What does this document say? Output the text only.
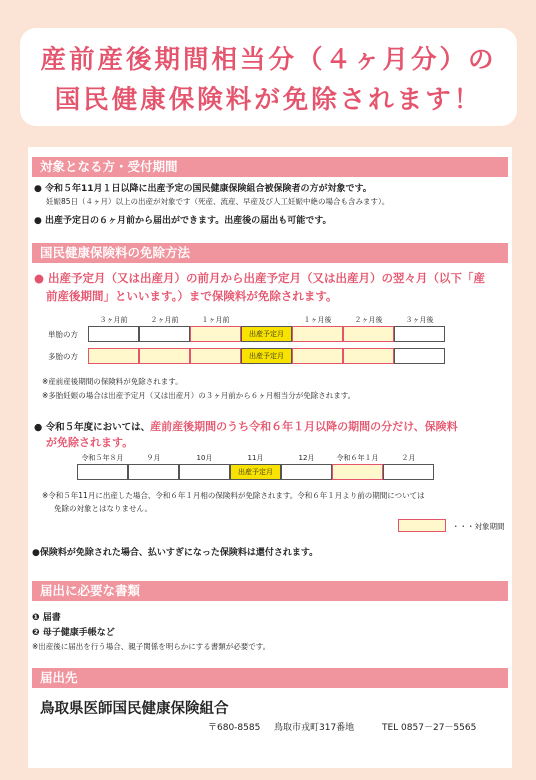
産前産後期間相当分（４ヶ月分）の
国民健康保険料が免除されます！
対象となる方・受付期間
● 令和５年11月１日以降に出産予定の国民健康保険組合被保険者の方が対象です。
妊娠85日（４ヶ月）以上の出産が対象です（死産、流産、早産及び人工妊娠中絶の場合も含みます）。
● 出産予定日の６ヶ月前から届出ができます。出産後の届出も可能です。
国民健康保険料の免除方法
● 出産予定月（又は出産月）の前月から出産予定月（又は出産月）の翌々月（以下「産
前産後期間」といいます。）まで保険料が免除されます。
３ヶ月前	２ヶ月前	１ヶ月前	１ヶ月後	２ヶ月後	３ヶ月後
単胎の方	出産予定月
多胎の方	出産予定月
※産前産後期間の保険料が免除されます。
※多胎妊娠の場合は出産予定月（又は出産月）の３ヶ月前から６ヶ月相当分が免除されます。
● 令和５年度においては、産前産後期間のうち令和６年１月以降の期間の分だけ、保険料
が免除されます。
令和５年８月	９月	10月	11月	12月	令和６年１月	２月
出産予定月
※令和５年11月に出産した場合、令和６年１月相の保険料が免除されます。令和６年１月より前の期間については
免除の対象とはなりません。
・・・対象期間
●保険料が免除された場合、払いすぎになった保険料は還付されます。
届出に必要な書類
❶ 届書
❷ 母子健康手帳など
※出産後に届出を行う場合、親子関係を明らかにする書類が必要です。
届出先
鳥取県医師国民健康保険組合
〒680-8585 鳥取市戎町317番地	TEL 0857－27－5565
